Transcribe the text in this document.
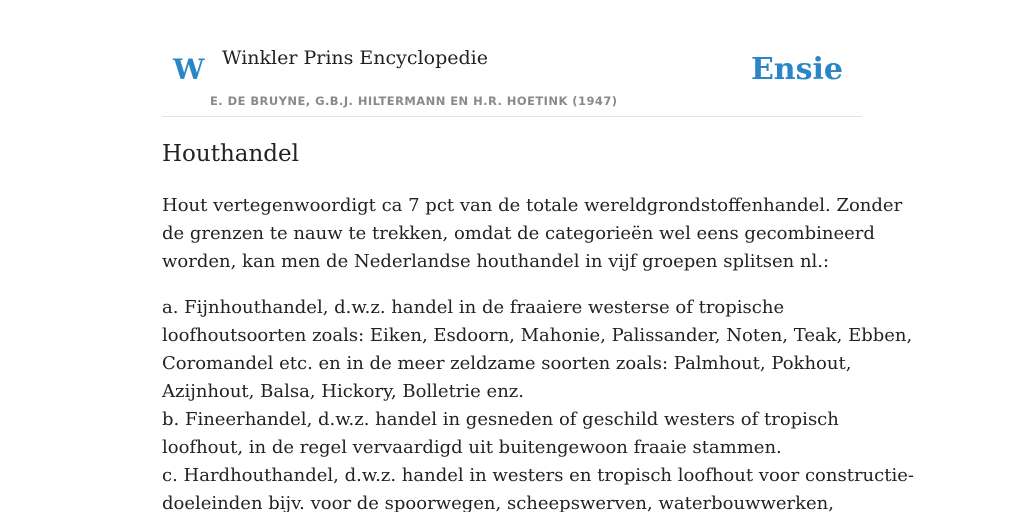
W Winkler Prins Encyclopedie
E. DE BRUYNE, G.B.J. HILTERMANN EN H.R. HOETINK (1947)
Ensie
Houthandel

Hout vertegenwoordigt ca 7 pct van de totale wereldgrondstoffenhandel. Zonder
de grenzen te nauw te trekken, omdat de categorieën wel eens gecombineerd
worden, kan men de Nederlandse houthandel in vijf groepen splitsen nl.:

a. Fijnhouthandel, d.w.z. handel in de fraaiere westerse of tropische
loofhoutsoorten zoals: Eiken, Esdoorn, Mahonie, Palissander, Noten, Teak, Ebben,
Coromandel etc. en in de meer zeldzame soorten zoals: Palmhout, Pokhout,
Azijnhout, Balsa, Hickory, Bolletrie enz.
b. Fineerhandel, d.w.z. handel in gesneden of geschild westers of tropisch
loofhout, in de regel vervaardigd uit buitengewoon fraaie stammen.
c. Hardhouthandel, d.w.z. handel in westers en tropisch loofhout voor constructie-
doeleinden bijv. voor de spoorwegen, scheepswerven, waterbouwwerken,
